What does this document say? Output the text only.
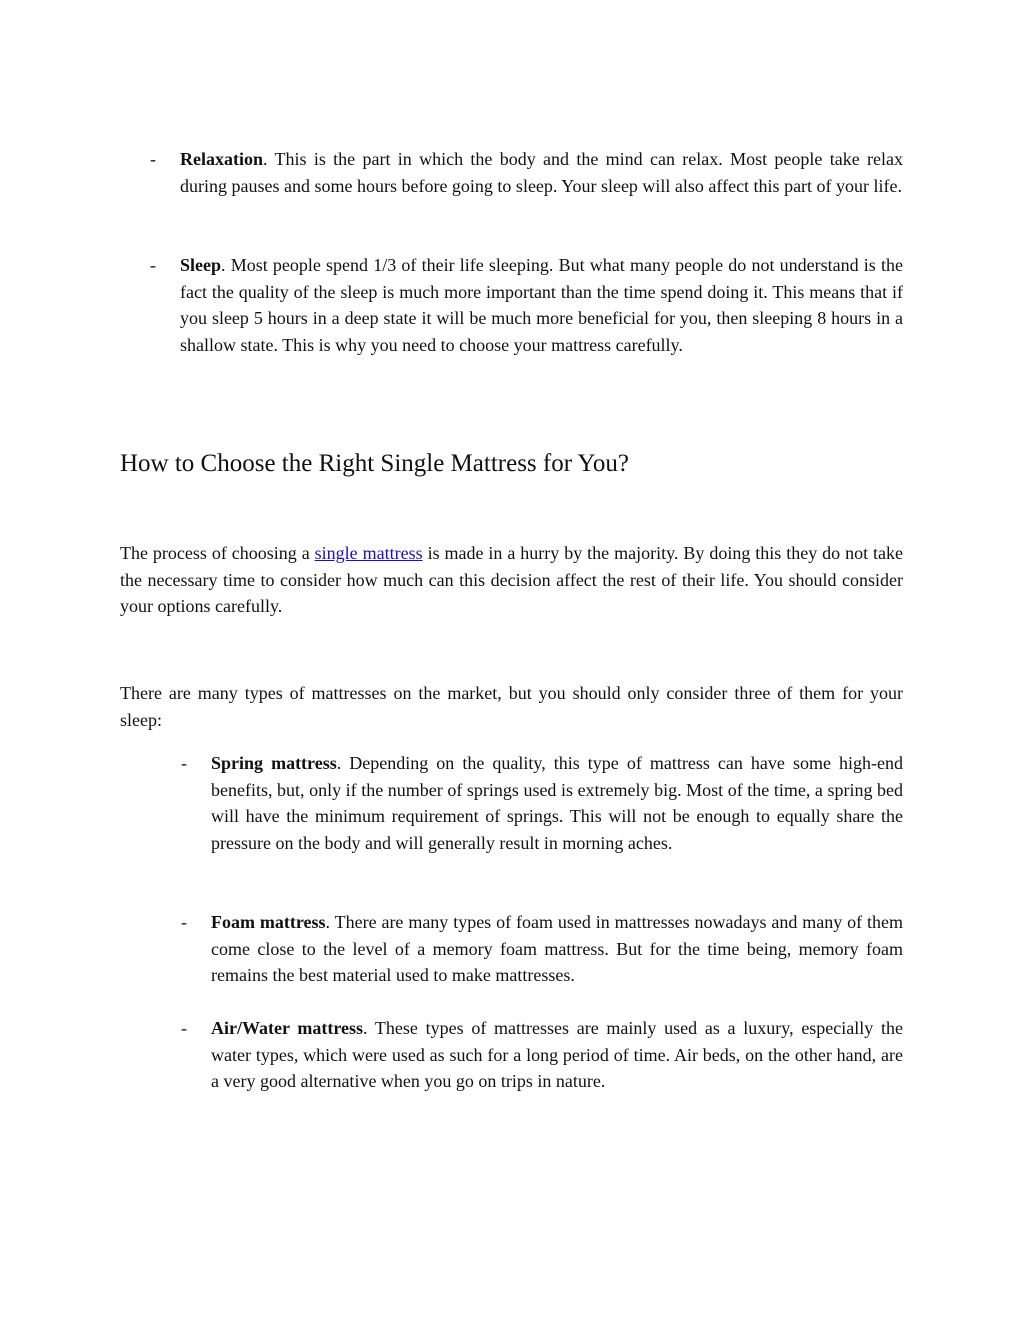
-	Relaxation. This is the part in which the body and the mind can relax. Most people take relax during pauses and some hours before going to sleep. Your sleep will also affect this part of your life.
-	Sleep. Most people spend 1/3 of their life sleeping. But what many people do not understand is the fact the quality of the sleep is much more important than the time spend doing it. This means that if you sleep 5 hours in a deep state it will be much more beneficial for you, then sleeping 8 hours in a shallow state. This is why you need to choose your mattress carefully.
How to Choose the Right Single Mattress for You?
The process of choosing a single mattress is made in a hurry by the majority. By doing this they do not take the necessary time to consider how much can this decision affect the rest of their life. You should consider your options carefully.
There are many types of mattresses on the market, but you should only consider three of them for your sleep:
-	Spring mattress. Depending on the quality, this type of mattress can have some high-end benefits, but, only if the number of springs used is extremely big. Most of the time, a spring bed will have the minimum requirement of springs. This will not be enough to equally share the pressure on the body and will generally result in morning aches.
-	Foam mattress. There are many types of foam used in mattresses nowadays and many of them come close to the level of a memory foam mattress. But for the time being, memory foam remains the best material used to make mattresses.
-	Air/Water mattress. These types of mattresses are mainly used as a luxury, especially the water types, which were used as such for a long period of time. Air beds, on the other hand, are a very good alternative when you go on trips in nature.
